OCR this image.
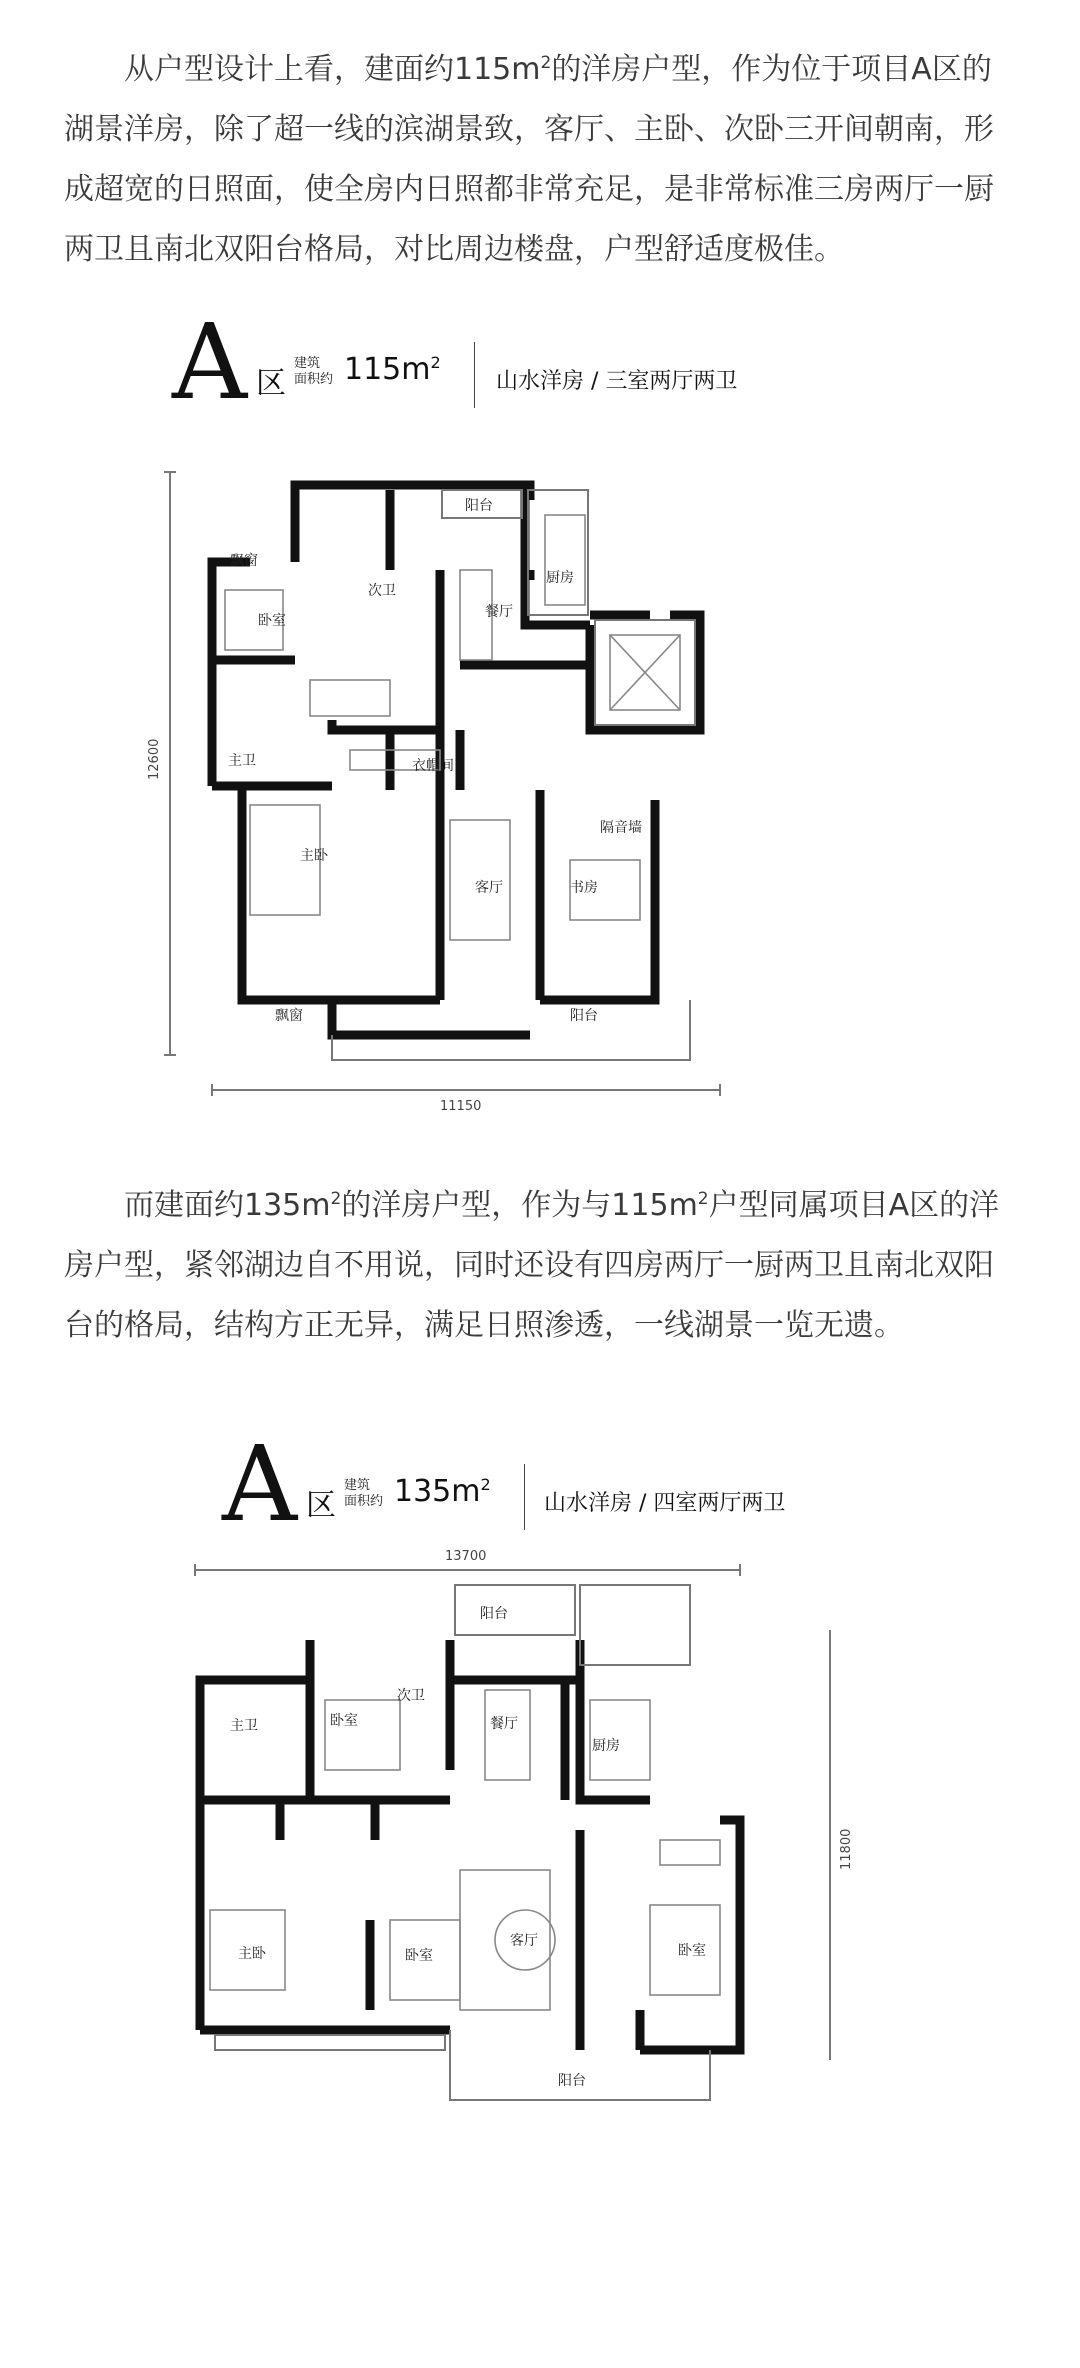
从户型设计上看，建面约$115m^2$的洋房户型，作为位于项目A区的湖景洋房，除了超一线的滨湖景致，客厅、主卧、次卧三开间朝南，形成超宽的日照面，使全房内日照都非常充足，是非常标准三房两厅一厨两卫且南北双阳台格局，对比周边楼盘，户型舒适度极佳。

A 区
建筑
面积约 $115m^2$
山水洋房 / 三室两厅两卫
12600
11150
阳台
厨房
飘窗
次卫
餐厅
卧室
主卫	衣帽间
隔音墙
主卧
客厅	书房
飘窗	阳台

而建面约$135m^2$的洋房户型，作为与$115m^2$户型同属项目A区的洋房户型，紧邻湖边自不用说，同时还设有四房两厅一厨两卫且南北双阳台的格局，结构方正无异，满足日照渗透，一线湖景一览无遗。

A 区
建筑
面积约 $135m^2$
山水洋房 / 四室两厅两卫
13700
11800
阳台
次卫
卧室
主卫	餐厅
厨房
主卧	卧室
客厅
卧室
阳台
